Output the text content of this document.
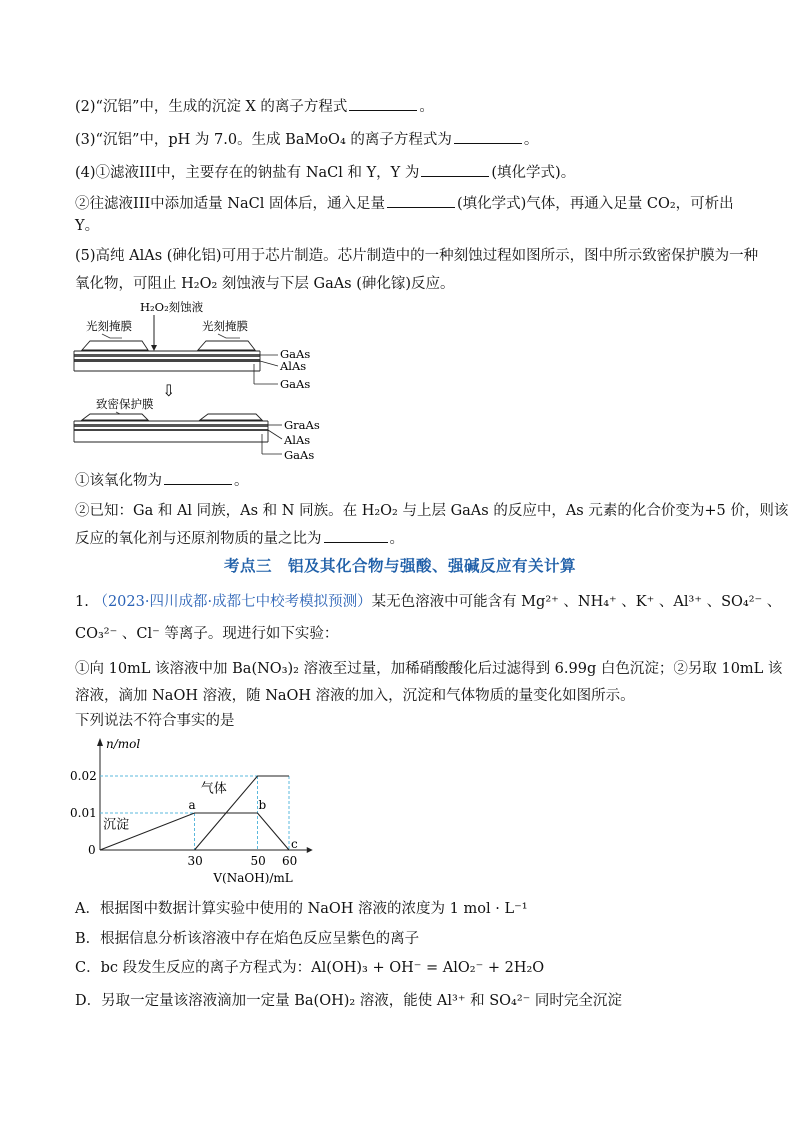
(2)“沉铝”中，生成的沉淀 X 的离子方程式	。
(3)“沉铝”中，pH 为 7.0。生成 BaMoO₄ 的离子方程式为	。
(4)①滤液III中，主要存在的钠盐有 NaCl 和 Y，Y 为	(填化学式)。
②往滤液III中添加适量 NaCl 固体后，通入足量	(填化学式)气体，再通入足量 CO₂，可析出
Y。
(5)高纯 AlAs (砷化铝)可用于芯片制造。芯片制造中的一种刻蚀过程如图所示，图中所示致密保护膜为一种
氧化物，可阻止 H₂O₂ 刻蚀液与下层 GaAs (砷化镓)反应。
H₂O₂刻蚀液
光刻掩膜	光刻掩膜
GaAs
AlAs
GaAs
⇩
致密保护膜
GraAs
AlAs
GaAs
①该氧化物为	。
②已知：Ga 和 Al 同族，As 和 N 同族。在 H₂O₂ 与上层 GaAs 的反应中，As 元素的化合价变为+5 价，则该
反应的氧化剂与还原剂物质的量之比为	。
考点三　铝及其化合物与强酸、强碱反应有关计算
1. （2023·四川成都·成都七中校考模拟预测）某无色溶液中可能含有 Mg²⁺ 、NH₄⁺ 、K⁺ 、Al³⁺ 、SO₄²⁻ 、
CO₃²⁻ 、Cl⁻ 等离子。现进行如下实验：
①向 10mL 该溶液中加 Ba(NO₃)₂ 溶液至过量，加稀硝酸酸化后过滤得到 6.99g 白色沉淀；②另取 10mL 该
溶液，滴加 NaOH 溶液，随 NaOH 溶液的加入，沉淀和气体物质的量变化如图所示。
下列说法不符合事实的是
n/mol
V(NaOH)/mL
0
30	50 60
0.01
0.02
沉淀
气体
a	b
c
A．根据图中数据计算实验中使用的 NaOH 溶液的浓度为 1 mol · L⁻¹
B．根据信息分析该溶液中存在焰色反应呈紫色的离子
C．bc 段发生反应的离子方程式为：Al(OH)₃ + OH⁻ = AlO₂⁻ + 2H₂O
D．另取一定量该溶液滴加一定量 Ba(OH)₂ 溶液，能使 Al³⁺ 和 SO₄²⁻ 同时完全沉淀
